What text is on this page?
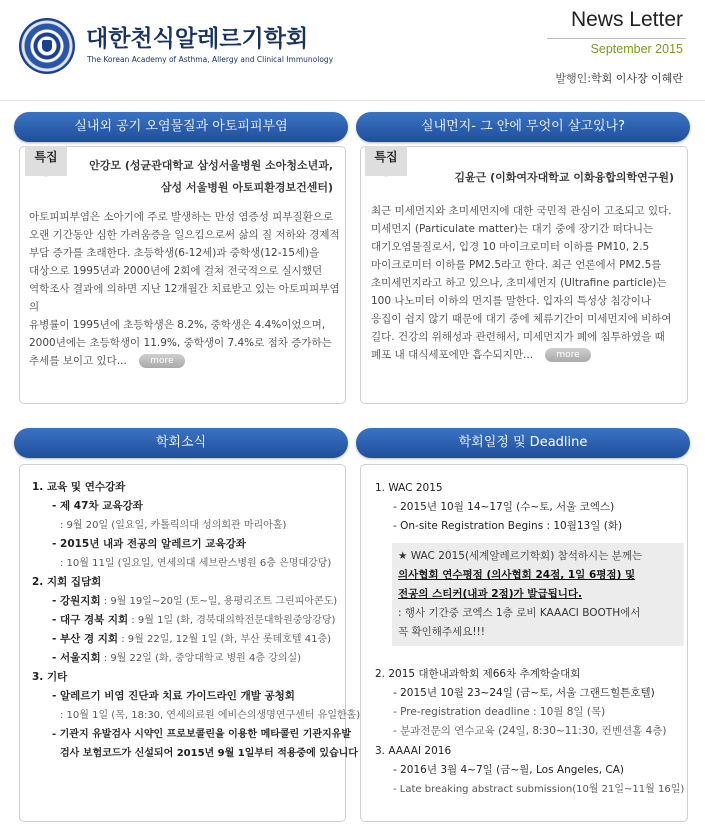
대한천식알레르기학회
The Korean Academy of Asthma, Allergy and Clinical Immunology
News Letter
September 2015
발행인:학회 이사장 이혜란
실내외 공기 오염물질과 아토피피부염	실내먼지- 그 안에 무엇이 살고있나?
특집
안강모 (성균관대학교 삼성서울병원 소아청소년과,
삼성 서울병원 아토피환경보건센터)
아토피피부염은 소아기에 주로 발생하는 만성 염증성 피부질환으로
오랜 기간동안 심한 가려움증을 일으킴으로써 삶의 질 저하와 경제적
부담 증가를 초래한다. 초등학생(6-12세)과 중학생(12-15세)을
대상으로 1995년과 2000년에 2회에 걸쳐 전국적으로 실시했던
역학조사 결과에 의하면 지난 12개월간 치료받고 있는 아토피피부염의
유병률이 1995년에 초등학생은 8.2%, 중학생은 4.4%이었으며,
2000년에는 초등학생이 11.9%, 중학생이 7.4%로 점차 증가하는
추세를 보이고 있다...	more
특집
김윤근 (이화여자대학교 이화융합의학연구원)
최근 미세먼지와 초미세먼지에 대한 국민적 관심이 고조되고 있다.
미세먼지 (Particulate matter)는 대기 중에 장기간 떠다니는
대기오염물질로서, 입경 10 마이크로미터 이하를 PM10, 2.5
마이크로미터 이하를 PM2.5라고 한다. 최근 언론에서 PM2.5를
초미세먼지라고 하고 있으나, 초미세먼지 (Ultrafine particle)는
100 나노미터 이하의 먼지를 말한다. 입자의 특성상 침강이나
응집이 쉽지 않기 때문에 대기 중에 체류기간이 미세먼지에 비하여
길다. 건강의 위해성과 관련해서, 미세먼지가 폐에 침투하였을 때
폐포 내 대식세포에만 흡수되지만...	more
학회소식	학회일정 및 Deadline
1. 교육 및 연수강좌
- 제 47차 교육강좌
: 9월 20일 (일요일, 카톨릭의대 성의회관 마리아홀)
- 2015년 내과 전공의 알레르기 교육강좌
: 10월 11일 (일요일, 연세의대 세브란스병원 6층 은명대강당)
2. 지회 집담회
- 강원지회 : 9월 19일~20일 (토~일, 용평리조트 그린피아콘도)
- 대구 경북 지회 : 9월 1일 (화, 경북대의학전문대학원중앙강당)
- 부산 경 지회 : 9월 22일, 12월 1일 (화, 부산 롯데호텔 41층)
- 서울지회 : 9월 22일 (화, 중앙대학교 병원 4층 강의실)
3. 기타
- 알레르기 비염 진단과 치료 가이드라인 개발 공청회
: 10월 1일 (목, 18:30, 연세의료원 에비슨의생명연구센터 유일한홀)
- 기관지 유발검사 시약인 프로보콜린을 이용한 메타콜린 기관지유발
검사 보험코드가 신설되어 2015년 9월 1일부터 적용중에 있습니다
1. WAC 2015
- 2015년 10월 14~17일 (수~토, 서울 코엑스)
- On-site Registration Begins : 10월13일 (화)
★ WAC 2015(세계알레르기학회) 참석하시는 분께는
의사협회 연수평점 (의사협회 24점, 1일 6평점) 및
전공의 스티커(내과 2점)가 발급됩니다.
: 행사 기간중 코엑스 1층 로비 KAAACI BOOTH에서
꼭 확인해주세요!!!
2. 2015 대한내과학회 제66차 추계학술대회
- 2015년 10월 23~24일 (금~토, 서울 그랜드힐튼호텔)
- Pre-registration deadline : 10월 8일 (목)
- 분과전문의 연수교육 (24일, 8:30~11:30, 컨벤션홀 4층)
3. AAAAI 2016
- 2016년 3월 4~7일 (금~월, Los Angeles, CA)
- Late breaking abstract submission(10월 21일~11월 16일)
